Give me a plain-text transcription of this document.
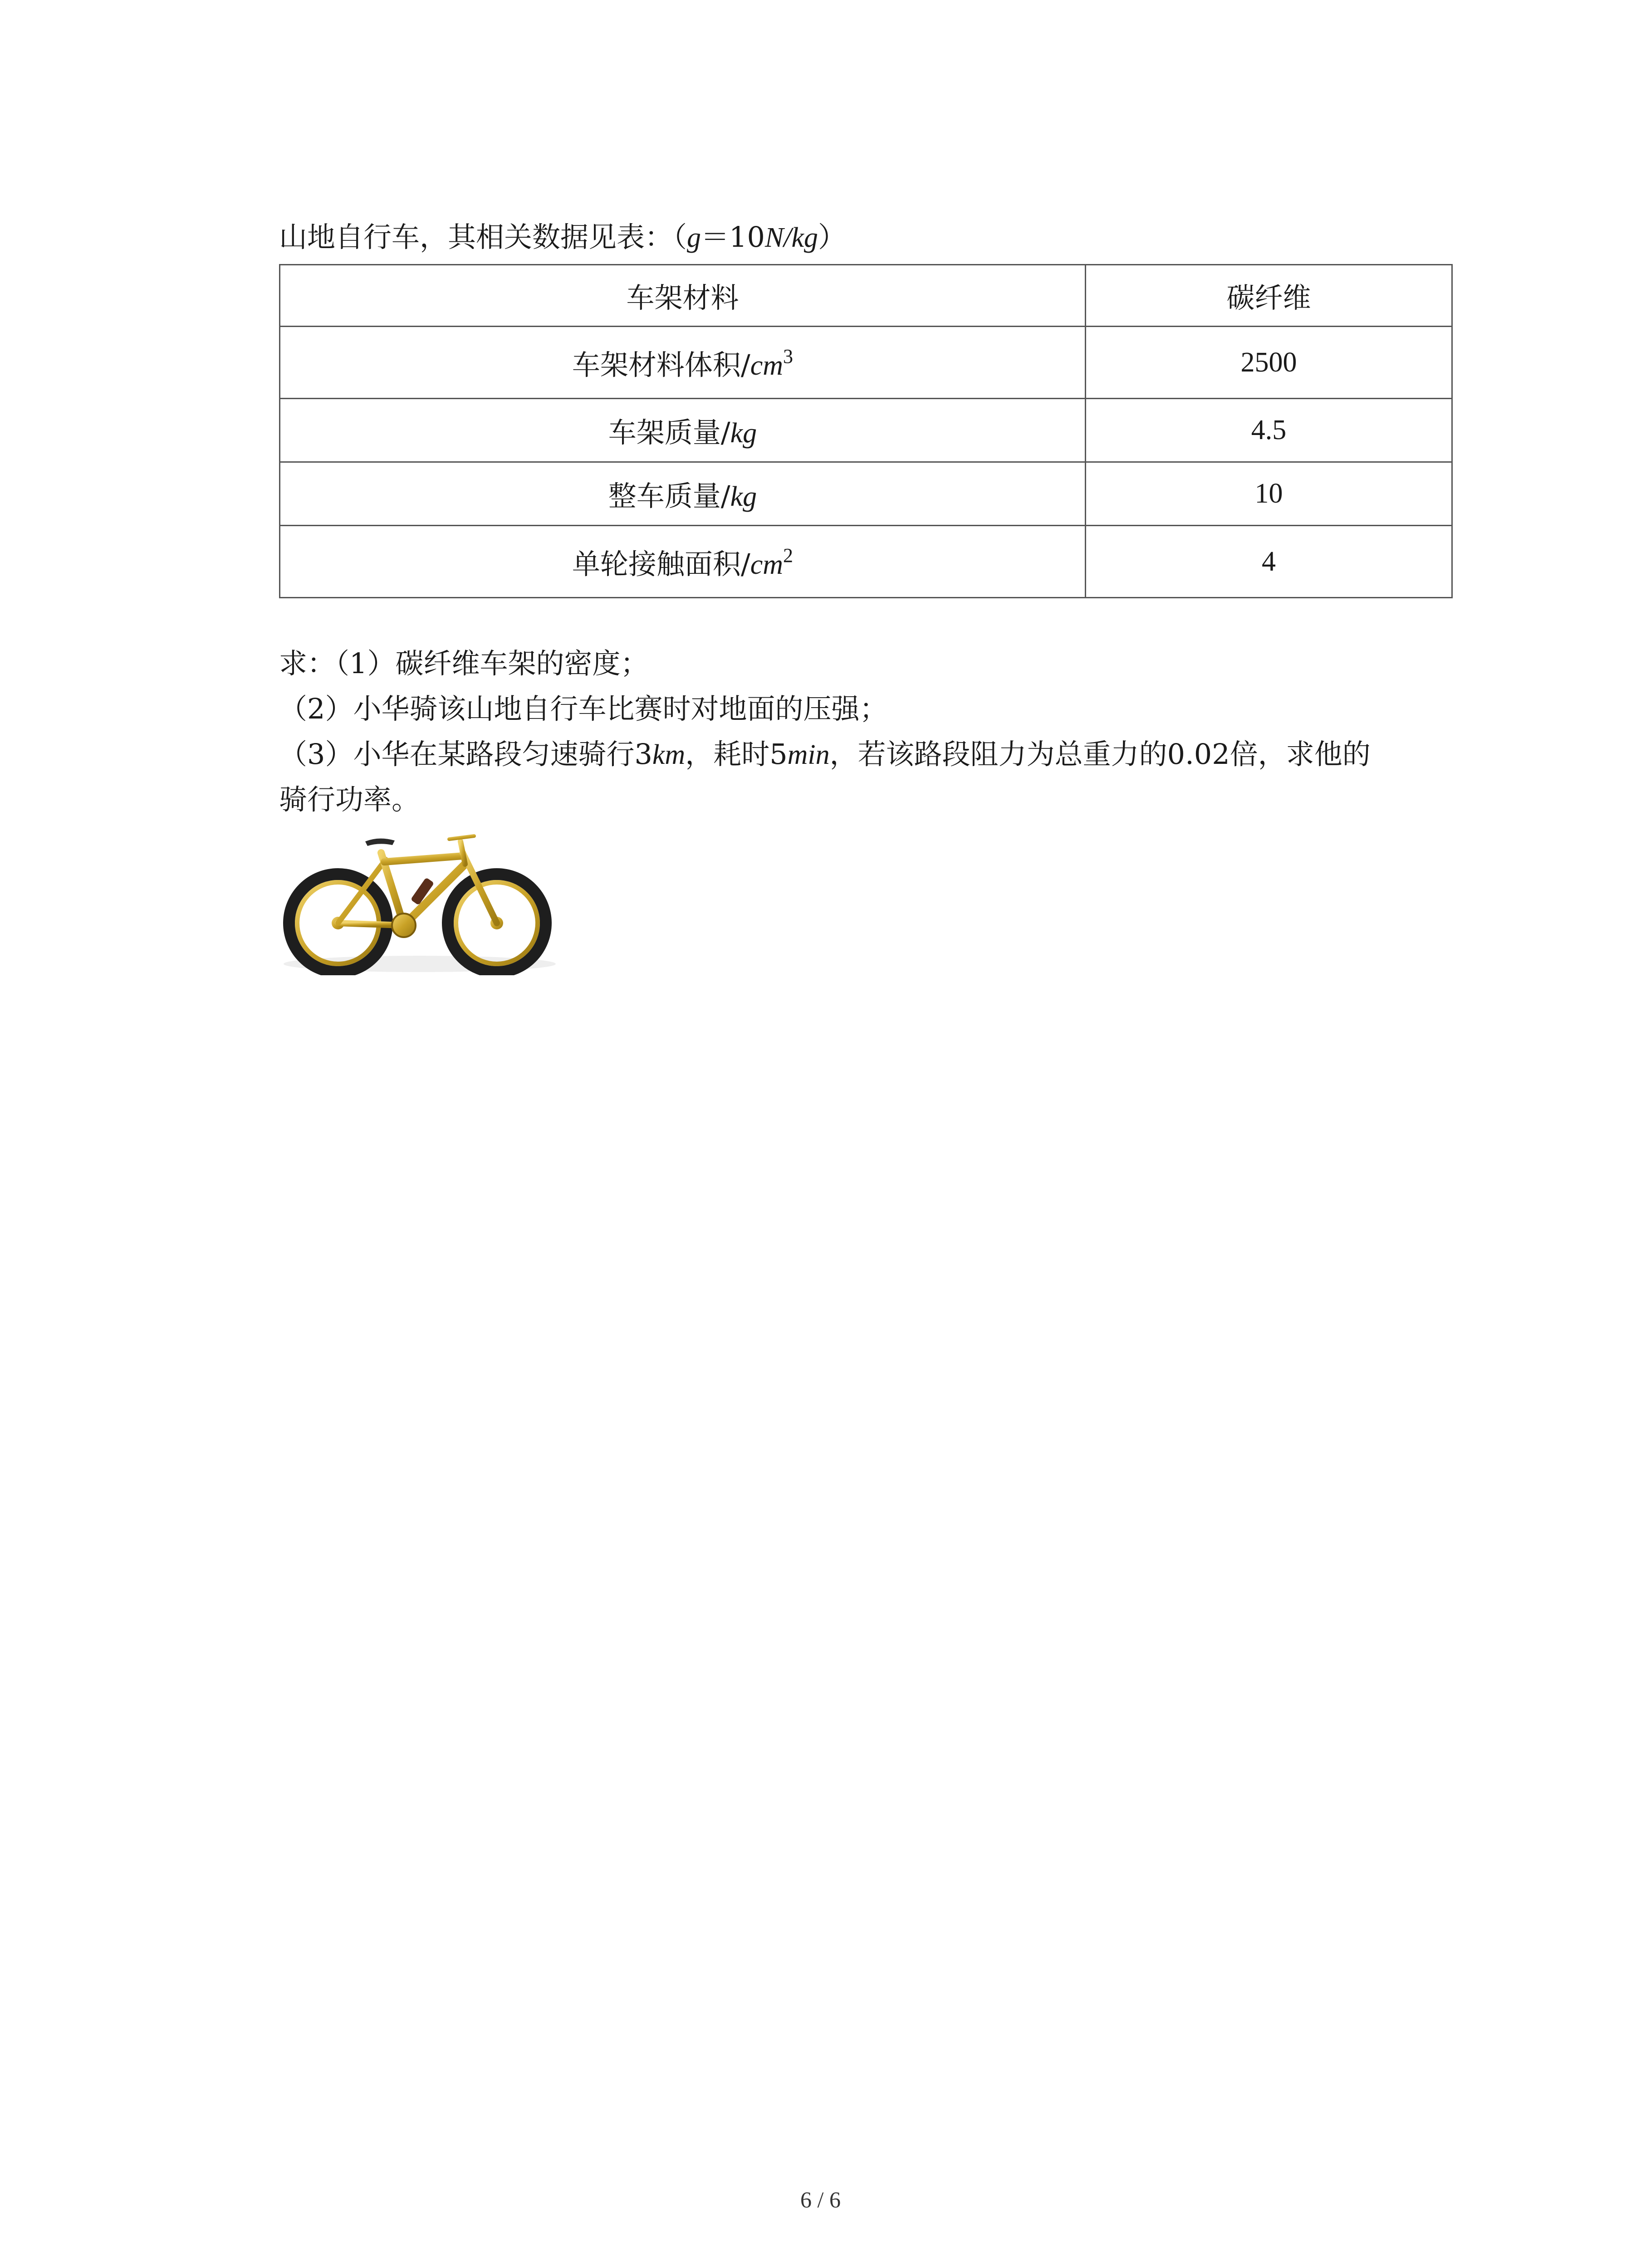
山地自行车，其相关数据见表：（g＝10N/kg）
车架材料	碳纤维
车架材料体积$/cm^3$	2500
车架质量/kg	4.5
整车质量/kg	10
单轮接触面积$/cm^2$	4
求：（1）碳纤维车架的密度；
（2）小华骑该山地自行车比赛时对地面的压强；
（3）小华在某路段匀速骑行3km，耗时5min，若该路段阻力为总重力的0.02倍，求他的
骑行功率。
6 / 6
